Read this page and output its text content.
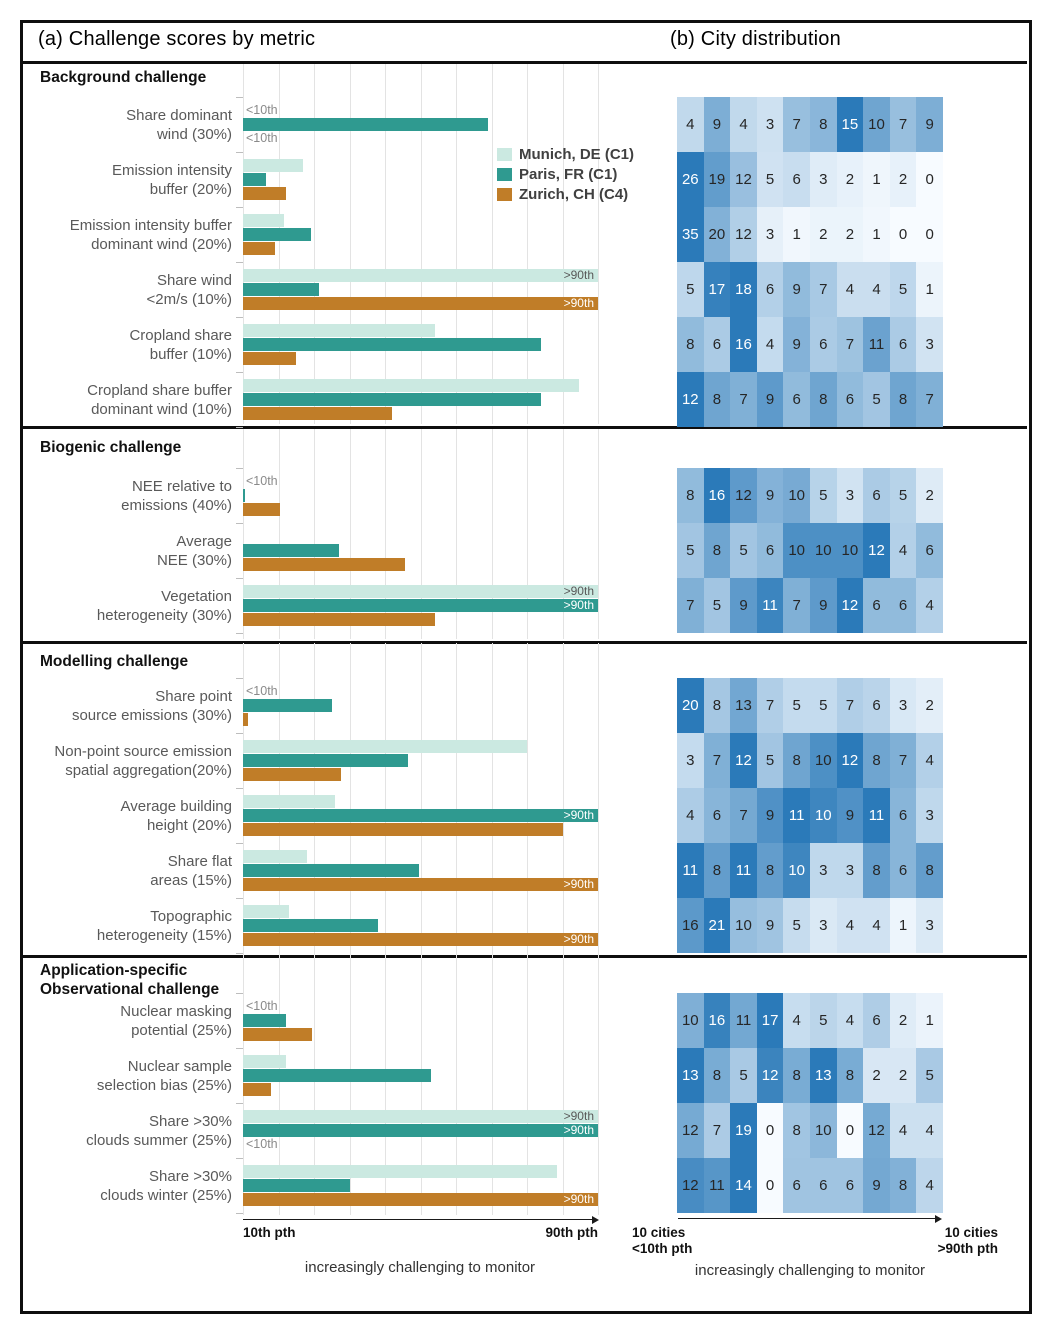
(a) Challenge scores by metric	(b) City distribution
Background challenge
Share dominant
wind (30%)
<10th
<10th
4	9	4	3	7	8 15 10 7	9
Emission intensity
buffer (20%)
26 19 12 5	6	3	2	1	2	0
Emission intensity buffer
dominant wind (20%)
35 20 12 3	1	2	2	1	0	0
Share wind
<2m/s (10%)
>90th
>90th
5 17 18 6	9	7	4	4	5	1
Cropland share
buffer (10%)
8	6 16 4	9	6	7 11 6	3
Cropland share buffer
dominant wind (10%)
12 8	7	9	6	8	6	5	8	7
Biogenic challenge
NEE relative to
emissions (40%)
<10th
8 16 12 9 10 5	3	6	5	2
Average
NEE (30%)
5	8	5	6 10 10 10 12 4	6
Vegetation
heterogeneity (30%)
>90th
>90th	7	5	9 11 7	9 12 6	6	4
Modelling challenge
Share point
source emissions (30%)
<10th
20 8 13 7	5	5	7	6	3	2
Non-point source emission
spatial aggregation(20%)
3	7 12 5	8 10 12 8	7	4
Average building
height (20%)
>90th	4	6	7	9 11 10 9 11 6	3
Share flat
areas (15%)	>90th
11 8 11 8 10 3	3	8	6	8
Topographic
heterogeneity (15%)	>90th
16 21 10 9	5	3	4	4	1	3
Application-specific
Observational challenge
Nuclear masking
potential (25%)
<10th
10 16 11 17 4	5	4	6	2	1
Nuclear sample
selection bias (25%)
13 8	5 12 8 13 8	2	2	5
Share >30%
clouds summer (25%)
>90th
>90th
<10th
12 7 19 0	8 10 0 12 4	4
Share >30%
clouds winter (25%)	>90th
12 11 14 0	6	6	6	9	8	4
Munich, DE (C1)
Paris, FR (C1)
Zurich, CH (C4)
10th pth	90th pth
increasingly challenging to monitor
10 cities
<10th pth
10 cities
>90th pth
increasingly challenging to monitor
